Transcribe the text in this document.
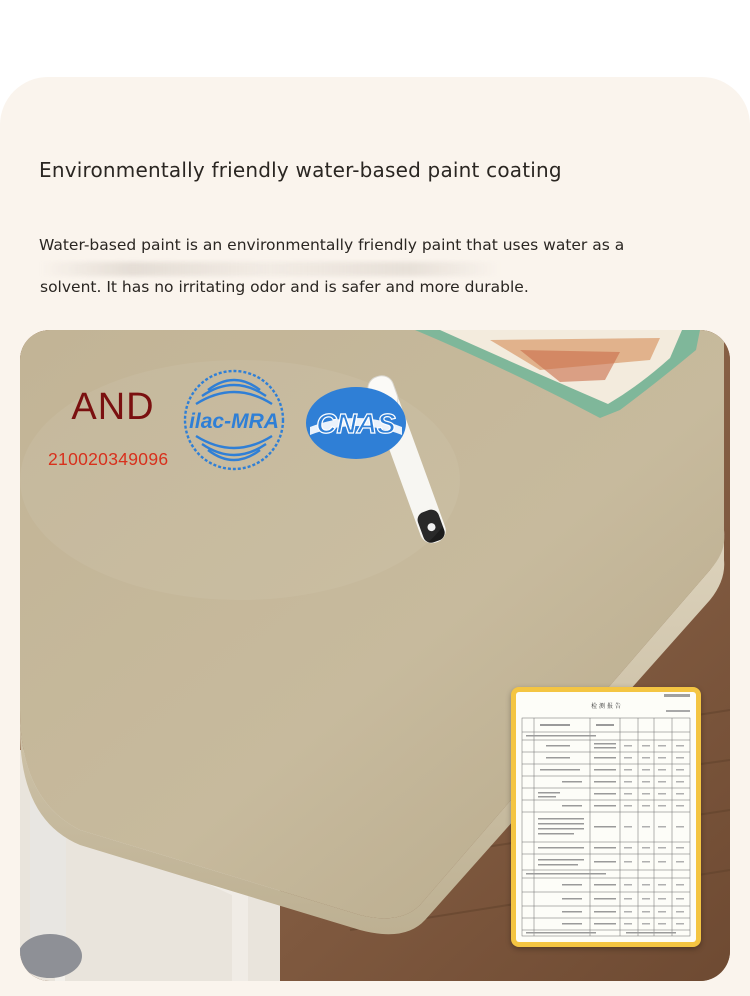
Environmentally friendly water-based paint coating
Water-based paint is an environmentally friendly paint that uses water as a
solvent. It has no irritating odor and is safer and more durable.
AND
210020349096
ilac-MRA CNAS
检 测 报 告
